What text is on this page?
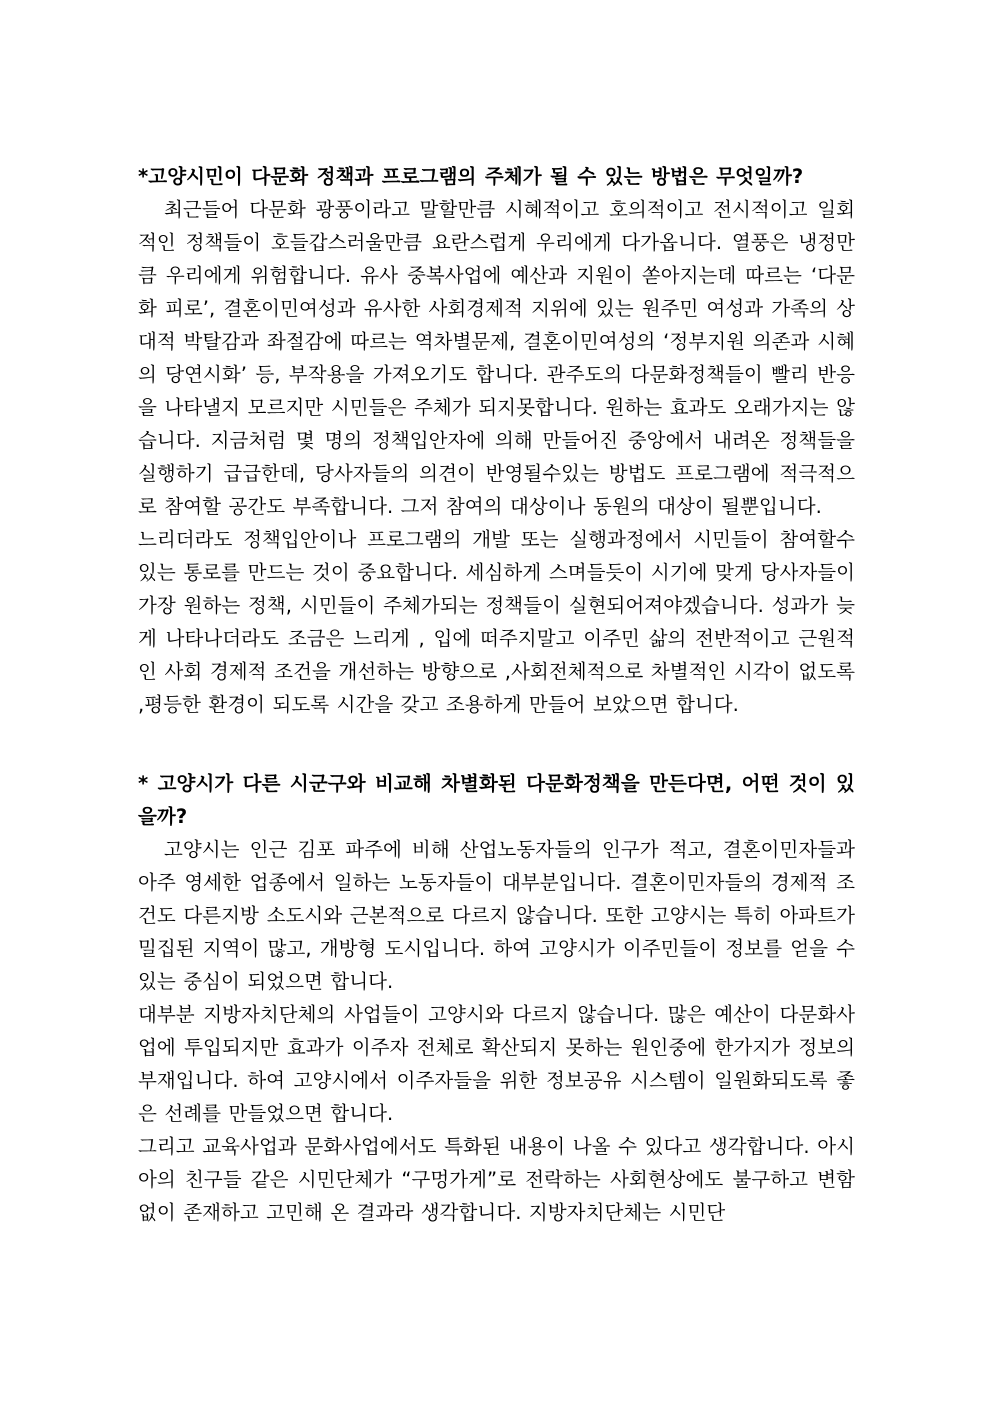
*고양시민이 다문화 정책과 프로그램의 주체가 될 수 있는 방법은 무엇일까?

최근들어 다문화 광풍이라고 말할만큼 시혜적이고 호의적이고 전시적이고 일회적인 정책들이 호들갑스러울만큼 요란스럽게 우리에게 다가옵니다. 열풍은 냉정만큼 우리에게 위험합니다. 유사 중복사업에 예산과 지원이 쏟아지는데 따르는 ‘다문화 피로’, 결혼이민여성과 유사한 사회경제적 지위에 있는 원주민 여성과 가족의 상대적 박탈감과 좌절감에 따르는 역차별문제, 결혼이민여성의 ‘정부지원 의존과 시혜의 당연시화’ 등, 부작용을 가져오기도 합니다. 관주도의 다문화정책들이 빨리 반응을 나타낼지 모르지만 시민들은 주체가 되지못합니다. 원하는 효과도 오래가지는 않습니다. 지금처럼 몇 명의 정책입안자에 의해 만들어진 중앙에서 내려온 정책들을 실행하기 급급한데, 당사자들의 의견이 반영될수있는 방법도 프로그램에 적극적으로 참여할 공간도 부족합니다. 그저 참여의 대상이나 동원의 대상이 될뿐입니다.

느리더라도 정책입안이나 프로그램의 개발 또는 실행과정에서 시민들이 참여할수 있는 통로를 만드는 것이 중요합니다. 세심하게 스며들듯이 시기에 맞게 당사자들이 가장 원하는 정책, 시민들이 주체가되는 정책들이 실현되어져야겠습니다. 성과가 늦게 나타나더라도 조금은 느리게 , 입에 떠주지말고 이주민 삶의 전반적이고 근원적인 사회 경제적 조건을 개선하는 방향으로 ,사회전체적으로 차별적인 시각이 없도록 ,평등한 환경이 되도록 시간을 갖고 조용하게 만들어 보았으면 합니다.

* 고양시가 다른 시군구와 비교해 차별화된 다문화정책을 만든다면, 어떤 것이 있을까?

고양시는 인근 김포 파주에 비해 산업노동자들의 인구가 적고, 결혼이민자들과 아주 영세한 업종에서 일하는 노동자들이 대부분입니다. 결혼이민자들의 경제적 조건도 다른지방 소도시와 근본적으로 다르지 않습니다. 또한 고양시는 특히 아파트가 밀집된 지역이 많고, 개방형 도시입니다. 하여 고양시가 이주민들이 정보를 얻을 수 있는 중심이 되었으면 합니다.

대부분 지방자치단체의 사업들이 고양시와 다르지 않습니다. 많은 예산이 다문화사업에 투입되지만 효과가 이주자 전체로 확산되지 못하는 원인중에 한가지가 정보의 부재입니다. 하여 고양시에서 이주자들을 위한 정보공유 시스템이 일원화되도록 좋은 선례를 만들었으면 합니다.

그리고 교육사업과 문화사업에서도 특화된 내용이 나올 수 있다고 생각합니다. 아시아의 친구들 같은 시민단체가 “구멍가게”로 전락하는 사회현상에도 불구하고 변함없이 존재하고 고민해 온 결과라 생각합니다. 지방자치단체는 시민단
